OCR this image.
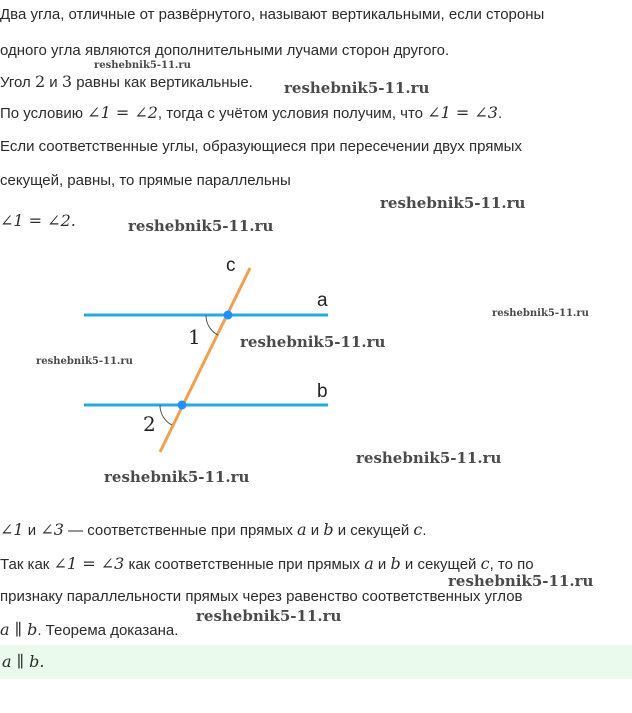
Два угла, отличные от развёрнутого, называют вертикальными, если стороны
одного угла являются дополнительными лучами сторон другого.
reshebnik5-11.ru
Угол 2 и 3 равны как вертикальные. reshebnik5-11.ru
По условию ∠1 = ∠2, тогда с учётом условия получим, что ∠1 = ∠3.
Если соответственные углы, образующиеся при пересечении двух прямых
секущей, равны, то прямые параллельны
reshebnik5-11.ru
∠1 = ∠2.	reshebnik5-11.ru
c
a
b
1
2
reshebnik5-11.ru
reshebnik5-11.ru
reshebnik5-11.ru
reshebnik5-11.ru
reshebnik5-11.ru
∠1 и ∠3 — соответственные при прямых a и b и секущей c.
Так как ∠1 = ∠3 как соответственные при прямых a и b и секущей c, то по
reshebnik5-11.ru
признаку параллельности прямых через равенство соответственных углов
reshebnik5-11.ru
a ∥ b. Теорема доказана.
a ∥ b.
